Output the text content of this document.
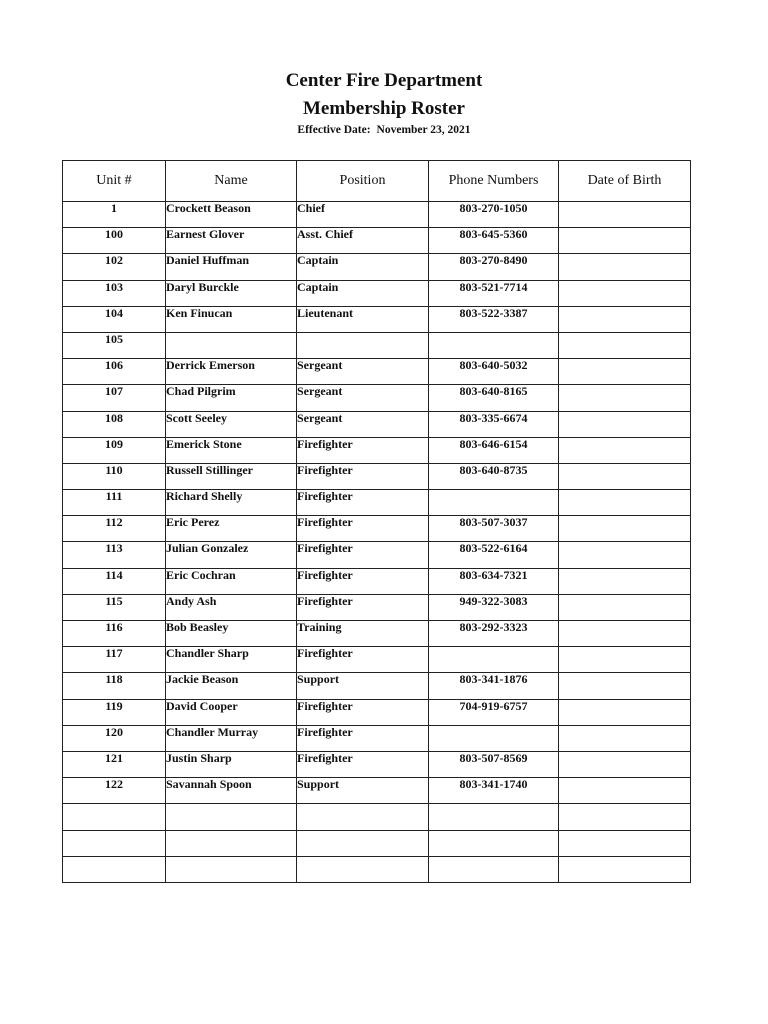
Center Fire Department
Membership Roster
Effective Date: November 23, 2021
Unit #	Name	Position	Phone Numbers	Date of Birth
1	Crockett Beason	Chief	803-270-1050	
100	Earnest Glover	Asst. Chief	803-645-5360	
102	Daniel Huffman	Captain	803-270-8490	
103	Daryl Burckle	Captain	803-521-7714	
104	Ken Finucan	Lieutenant	803-522-3387	
105				
106	Derrick Emerson	Sergeant	803-640-5032	
107	Chad Pilgrim	Sergeant	803-640-8165	
108	Scott Seeley	Sergeant	803-335-6674	
109	Emerick Stone	Firefighter	803-646-6154	
110	Russell Stillinger	Firefighter	803-640-8735	
111	Richard Shelly	Firefighter		
112	Eric Perez	Firefighter	803-507-3037	
113	Julian Gonzalez	Firefighter	803-522-6164	
114	Eric Cochran	Firefighter	803-634-7321	
115	Andy Ash	Firefighter	949-322-3083	
116	Bob Beasley	Training	803-292-3323	
117	Chandler Sharp	Firefighter		
118	Jackie Beason	Support	803-341-1876	
119	David Cooper	Firefighter	704-919-6757	
120	Chandler Murray	Firefighter		
121	Justin Sharp	Firefighter	803-507-8569	
122	Savannah Spoon	Support	803-341-1740	
